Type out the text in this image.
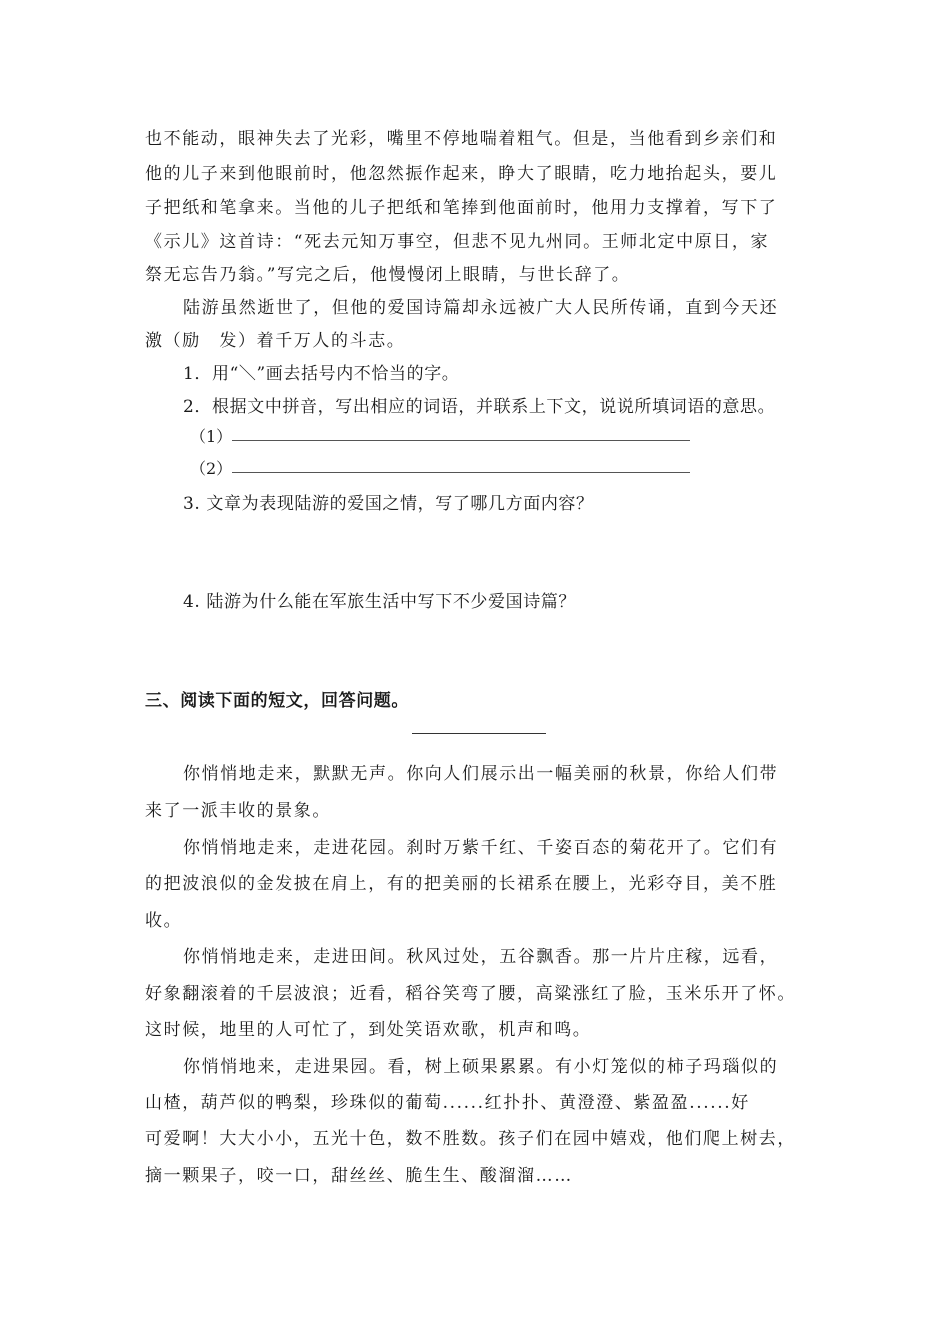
也不能动，眼神失去了光彩，嘴里不停地喘着粗气。但是，当他看到乡亲们和
他的儿子来到他眼前时，他忽然振作起来，睁大了眼睛，吃力地抬起头，要儿
子把纸和笔拿来。当他的儿子把纸和笔捧到他面前时，他用力支撑着，写下了
《示儿》这首诗：“死去元知万事空，但悲不见九州同。王师北定中原日，家
祭无忘告乃翁。”写完之后，他慢慢闭上眼睛，与世长辞了。
陆游虽然逝世了，但他的爱国诗篇却永远被广大人民所传诵，直到今天还
激（励　发）着千万人的斗志。
1．用“＼”画去括号内不恰当的字。
2．根据文中拼音，写出相应的词语，并联系上下文，说说所填词语的意思。
（1）
（2）
3. 文章为表现陆游的爱国之情，写了哪几方面内容？
4. 陆游为什么能在军旅生活中写下不少爱国诗篇？
三、阅读下面的短文，回答问题。
你悄悄地走来，默默无声。你向人们展示出一幅美丽的秋景，你给人们带
来了一派丰收的景象。
你悄悄地走来，走进花园。刹时万紫千红、千姿百态的菊花开了。它们有
的把波浪似的金发披在肩上，有的把美丽的长裙系在腰上，光彩夺目，美不胜
收。
你悄悄地走来，走进田间。秋风过处，五谷飘香。那一片片庄稼，远看，
好象翻滚着的千层波浪；近看，稻谷笑弯了腰，高粱涨红了脸，玉米乐开了怀。
这时候，地里的人可忙了，到处笑语欢歌，机声和鸣。
你悄悄地来，走进果园。看，树上硕果累累。有小灯笼似的柿子玛瑙似的
山楂，葫芦似的鸭梨，珍珠似的葡萄......红扑扑、黄澄澄、紫盈盈......好
可爱啊！大大小小，五光十色，数不胜数。孩子们在园中嬉戏，他们爬上树去，
摘一颗果子，咬一口，甜丝丝、脆生生、酸溜溜……
